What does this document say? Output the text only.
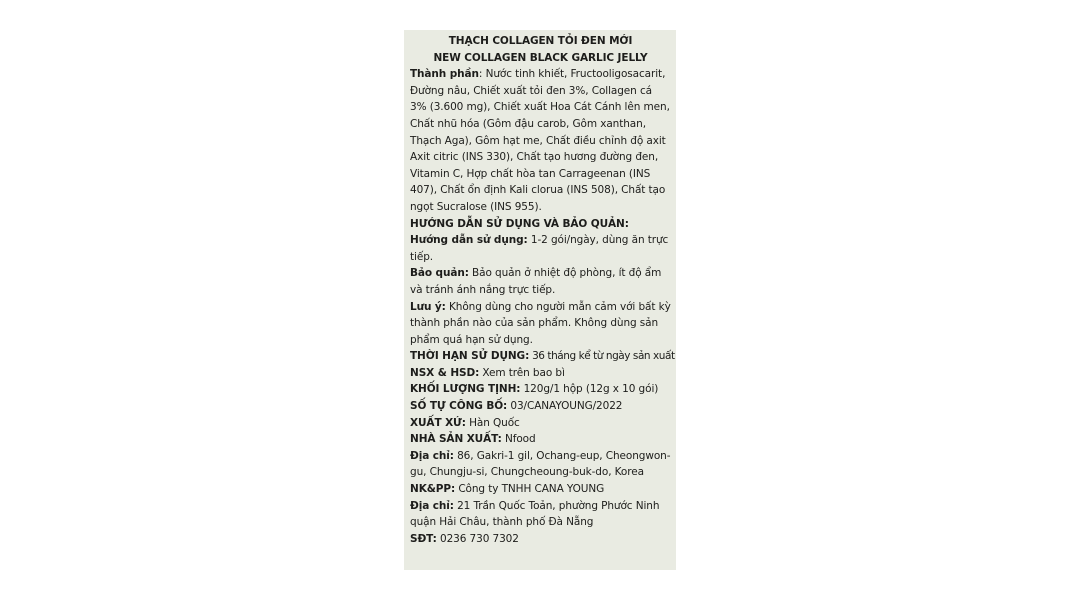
THẠCH COLLAGEN TỎI ĐEN MỚI

NEW COLLAGEN BLACK GARLIC JELLY

Thành phần: Nước tinh khiết, Fructooligosacarit, Đường nâu, Chiết xuất tỏi đen 3%, Collagen cá 3% (3.600 mg), Chiết xuất Hoa Cát Cánh lên men, Chất nhũ hóa (Gôm đậu carob, Gôm xanthan, Thạch Aga), Gôm hạt me, Chất điều chỉnh độ axit Axit citric (INS 330), Chất tạo hương đường đen, Vitamin C, Hợp chất hòa tan Carrageenan (INS 407), Chất ổn định Kali clorua (INS 508), Chất tạo ngọt Sucralose (INS 955).

HƯỚNG DẪN SỬ DỤNG VÀ BẢO QUẢN:

Hướng dẫn sử dụng: 1-2 gói/ngày, dùng ăn trực tiếp.

Bảo quản: Bảo quản ở nhiệt độ phòng, ít độ ẩm và tránh ánh nắng trực tiếp.

Lưu ý: Không dùng cho người mẫn cảm với bất kỳ thành phần nào của sản phẩm. Không dùng sản phẩm quá hạn sử dụng.

THỜI HẠN SỬ DỤNG: 36 tháng kể từ ngày sản xuất

NSX & HSD: Xem trên bao bì

KHỐI LƯỢNG TỊNH: 120g/1 hộp (12g x 10 gói)

SỐ TỰ CÔNG BỐ: 03/CANAYOUNG/2022

XUẤT XỨ: Hàn Quốc

NHÀ SẢN XUẤT: Nfood

Địa chỉ: 86, Gakri-1 gil, Ochang-eup, Cheongwon-gu, Chungju-si, Chungcheoung-buk-do, Korea

NK&PP: Công ty TNHH CANA YOUNG

Địa chỉ: 21 Trần Quốc Toản, phường Phước Ninh quận Hải Châu, thành phố Đà Nẵng

SĐT: 0236 730 7302
